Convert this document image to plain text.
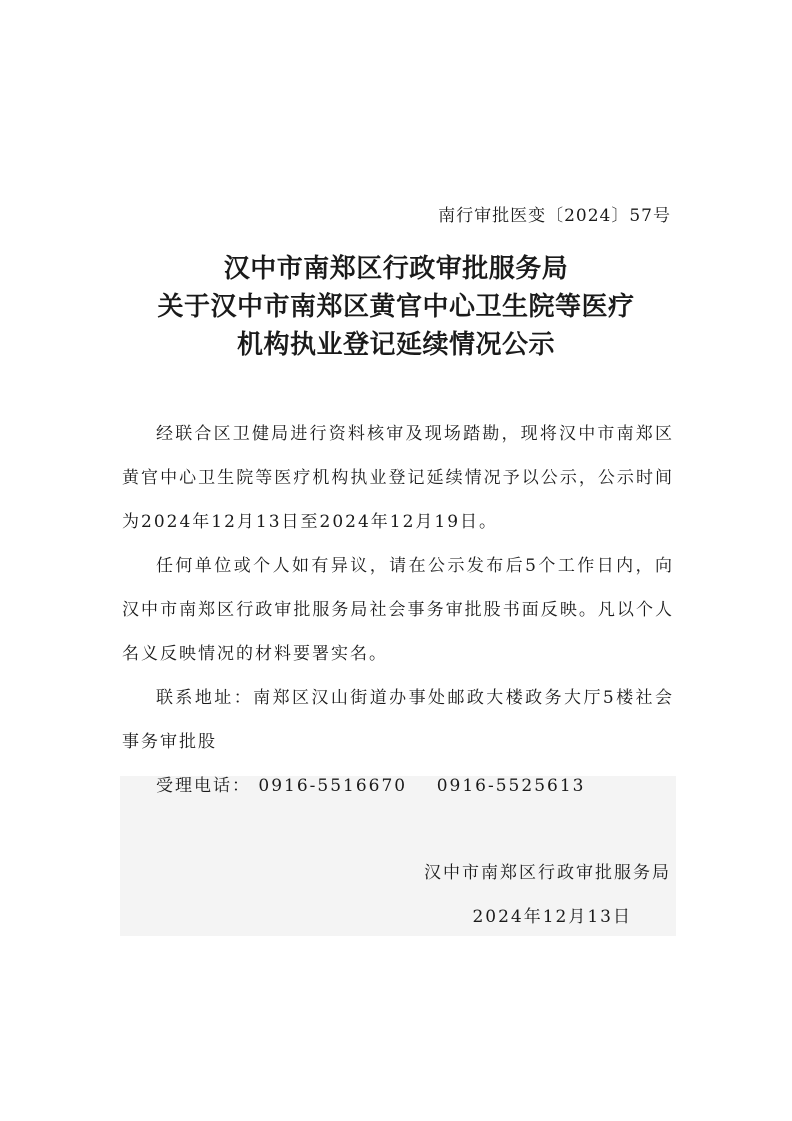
南行审批医变〔2024〕57号
汉中市南郑区行政审批服务局
关于汉中市南郑区黄官中心卫生院等医疗
机构执业登记延续情况公示

经联合区卫健局进行资料核审及现场踏勘，现将汉中市南郑区黄官中心卫生院等医疗机构执业登记延续情况予以公示，公示时间为2024年12月13日至2024年12月19日。

任何单位或个人如有异议，请在公示发布后5个工作日内，向汉中市南郑区行政审批服务局社会事务审批股书面反映。凡以个人名义反映情况的材料要署实名。

联系地址：南郑区汉山街道办事处邮政大楼政务大厅5楼社会事务审批股

受理电话： 0916-5516670    0916-5525613

汉中市南郑区行政审批服务局
2024年12月13日
